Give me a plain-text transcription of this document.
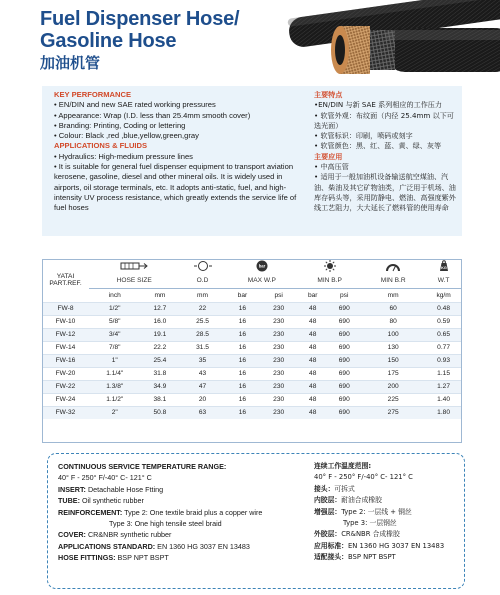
Fuel Dispenser Hose/
Gasoline Hose
加油机管
KEY PERFORMANCE
• EN/DIN and new SAE rated working pressures
• Appearance: Wrap (I.D. less than 25.4mm smooth cover)
• Branding: Printing, Coding or lettering
• Colour: Black ,red ,blue,yellow,green,gray
APPLICATIONS & FLUIDS
• Hydraulics: High-medium pressure lines
• It is suitable for general fuel dispenser equipment to transport aviation kerosene, gasoline, diesel and other mineral oils. It is widely used in airports, oil storage terminals, etc. It adopts anti-static, fuel, and high-intensity UV process resistance, which greatly extends the service life of fuel hoses
主要特点
•EN/DIN 与新 SAE 系列相应的工作压力
• 软管外观：布纹面（内径 25.4mm 以下可选光面）
• 软管标识：印刷，喷码或刻字
• 软管颜色：黑、红、蓝、黄、绿、灰等
主要应用
• 中高压管
• 适用于一般加油机设备输送航空煤油、汽油、柴油及其它矿物油类，广泛用于机场、油库存码头等，采用防静电、燃油、高强度紫外线工艺阻力，大大延长了燃料管的使用寿命
YATAI
PART.REF.				bar					KG

	HOSE SIZE		O.D	MAX W.P		MIN B.P		MIN B.R	W.T
	inch	mm	mm	bar	psi	bar	psi	mm	kg/m
FW-8	1/2"	12.7	22	16	230	48	690	60	0.48
FW-10	5/8"	16.0	25.5	16	230	48	690	80	0.59
FW-12	3/4"	19.1	28.5	16	230	48	690	100	0.65
FW-14	7/8"	22.2	31.5	16	230	48	690	130	0.77
FW-16	1"	25.4	35	16	230	48	690	150	0.93
FW-20	1.1/4"	31.8	43	16	230	48	690	175	1.15
FW-22	1.3/8"	34.9	47	16	230	48	690	200	1.27
FW-24	1.1/2"	38.1	20	16	230	48	690	225	1.40
FW-32	2"	50.8	63	16	230	48	690	275	1.80
CONTINUOUS SERVICE TEMPERATURE RANGE:
40° F - 250° F/-40° C- 121° C
INSERT: Detachable Hose Ftting
TUBE: Oil synthetic rubber
REINFORCEMENT: Type 2: One textile braid plus a copper wire
Type 3: One high tensile steel braid
COVER: CR&NBR synthetic rubber
APPLICATIONS STANDARD: EN 1360 HG 3037 EN 13483
HOSE FITTINGS: BSP NPT BSPT
连续工作温度范围:
40° F - 250° F/-40° C- 121° C
接头：可拆式
内胶层：耐油合成橡胶
增强层：Type 2: 一层线 + 铜丝
Type 3: 一层钢丝
外胶层：CR&NBR 合成橡胶
应用标准：EN 1360 HG 3037 EN 13483
适配接头：BSP NPT BSPT
